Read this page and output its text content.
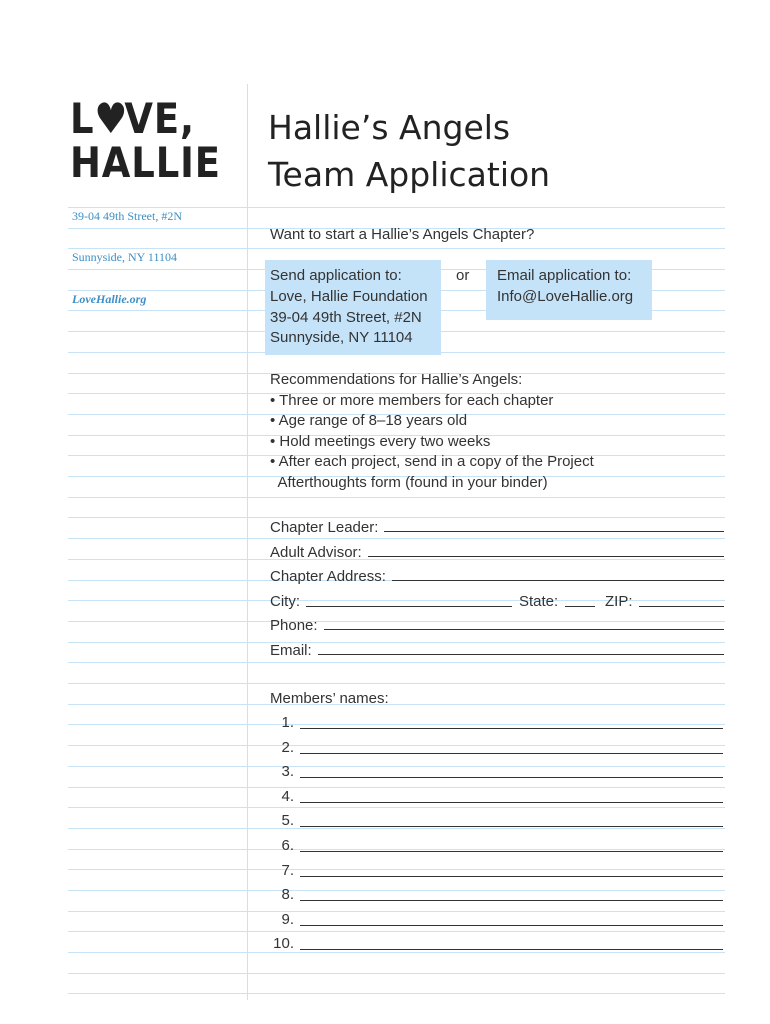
L♥VE,
HALLIE
39-04 49th Street, #2N
Sunnyside, NY 11104
LoveHallie.org
Hallie’s Angels
Team Application
Want to start a Hallie’s Angels Chapter?
Send application to:
Love, Hallie Foundation
39-04 49th Street, #2N
Sunnyside, NY 11104
or Email application to:
Info@LoveHallie.org
Recommendations for Hallie’s Angels:
• Three or more members for each chapter
• Age range of 8–18 years old
• Hold meetings every two weeks
• After each project, send in a copy of the Project
Afterthoughts form (found in your binder)
Chapter Leader:
Adult Advisor:
Chapter Address:
City:	State:	ZIP:
Phone:
Email:
Members’ names:
1.
2.
3.
4.
5.
6.
7.
8.
9.
10.
